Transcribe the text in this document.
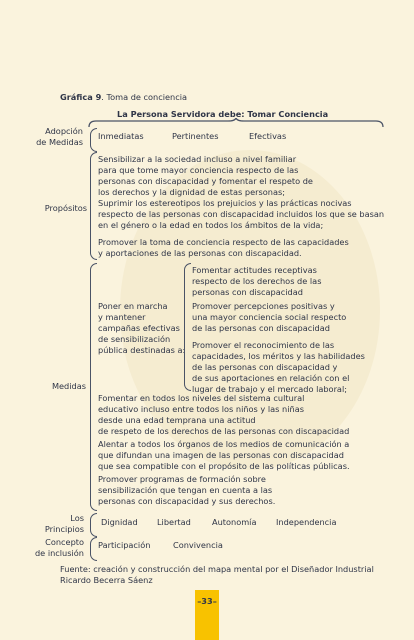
Gráfica 9. Toma de conciencia
La Persona Servidora debe: Tomar Conciencia
Adopción
de Medidas
Inmediatas	Pertinentes	Efectivas
Propósitos
Sensibilizar a la sociedad incluso a nivel familiar
para que tome mayor conciencia respecto de las
personas con discapacidad y fomentar el respeto de
los derechos y la dignidad de estas personas;
Suprimir los estereotipos los prejuicios y las prácticas nocivas
respecto de las personas con discapacidad incluidos los que se basan
en el género o la edad en todos los ámbitos de la vida;
Promover la toma de conciencia respecto de las capacidades
y aportaciones de las personas con discapacidad.
Medidas
Poner en marcha
y mantener
campañas efectivas
de sensibilización
pública destinadas a:
Fomentar actitudes receptivas
respecto de los derechos de las
personas con discapacidad
Promover percepciones positivas y
una mayor conciencia social respecto
de las personas con discapacidad
Promover el reconocimiento de las
capacidades, los méritos y las habilidades
de las personas con discapacidad y
de sus aportaciones en relación con el
lugar de trabajo y el mercado laboral;
Fomentar en todos los niveles del sistema cultural
educativo incluso entre todos los niños y las niñas
desde una edad temprana una actitud
de respeto de los derechos de las personas con discapacidad
Alentar a todos los órganos de los medios de comunicación a
que difundan una imagen de las personas con discapacidad
que sea compatible con el propósito de las políticas públicas.
Promover programas de formación sobre
sensibilización que tengan en cuenta a las
personas con discapacidad y sus derechos.
Los
Principios
Dignidad Libertad	Autonomía Independencia
Concepto
de inclusión
Participación	Convivencia
Fuente: creación y construcción del mapa mental por el Diseñador Industrial
Ricardo Becerra Sáenz
–33–
